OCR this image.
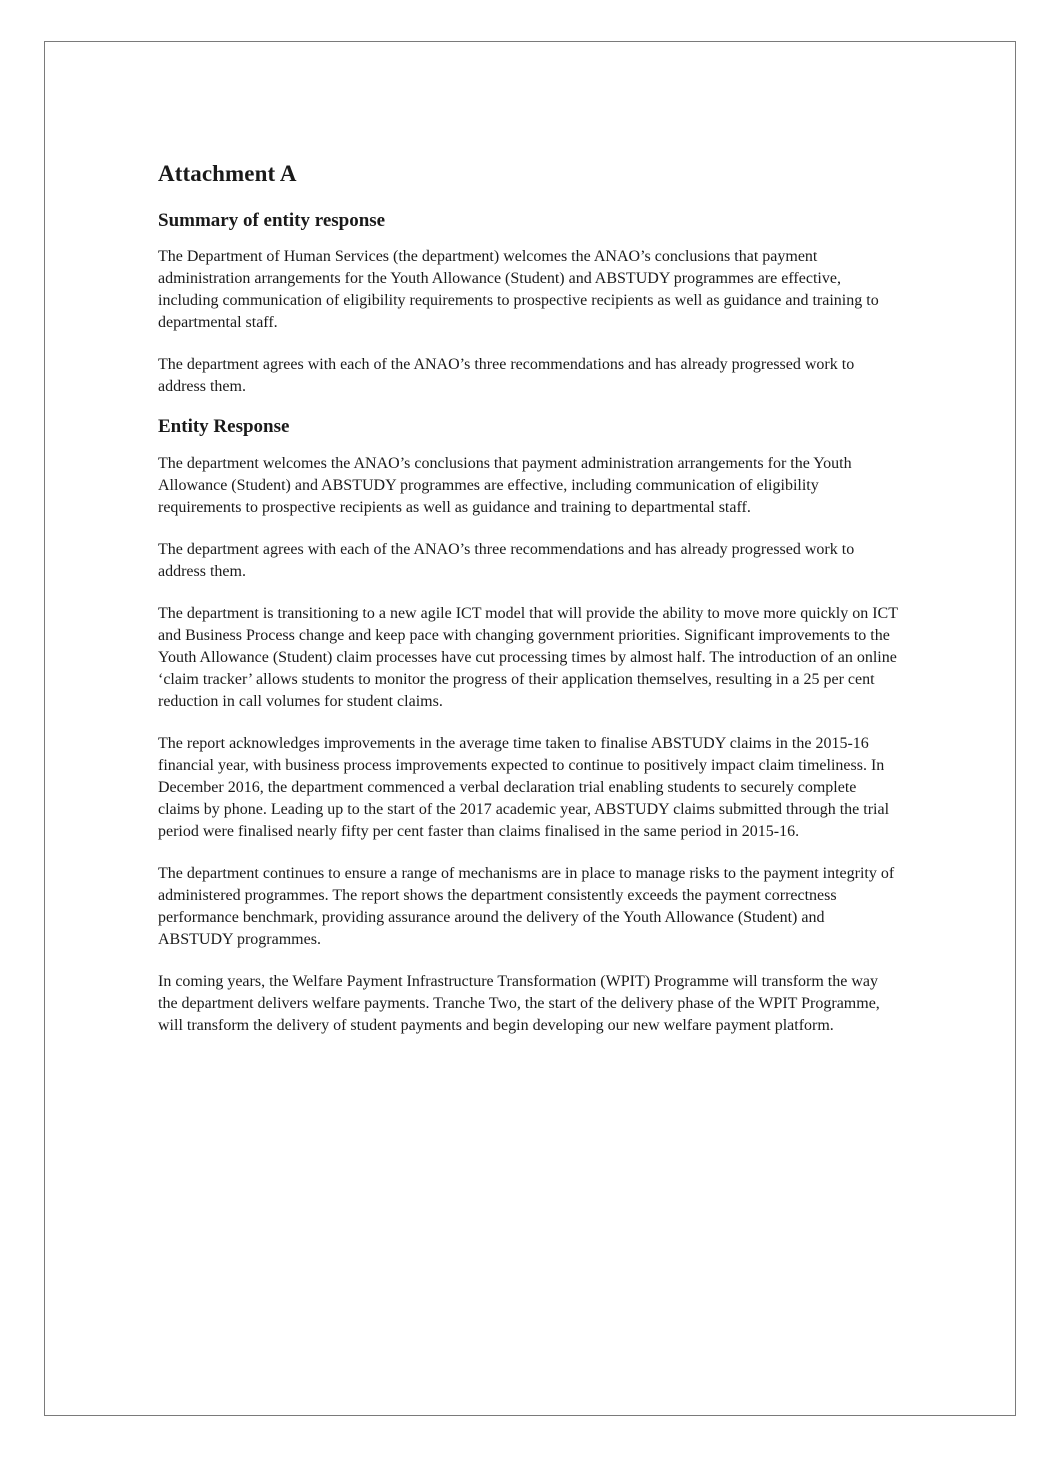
Attachment A
Summary of entity response

The Department of Human Services (the department) welcomes the ANAO’s conclusions that payment administration arrangements for the Youth Allowance (Student) and ABSTUDY programmes are effective, including communication of eligibility requirements to prospective recipients as well as guidance and training to departmental staff.

The department agrees with each of the ANAO’s three recommendations and has already progressed work to address them.

Entity Response

The department welcomes the ANAO’s conclusions that payment administration arrangements for the Youth Allowance (Student) and ABSTUDY programmes are effective, including communication of eligibility requirements to prospective recipients as well as guidance and training to departmental staff.

The department agrees with each of the ANAO’s three recommendations and has already progressed work to address them.

The department is transitioning to a new agile ICT model that will provide the ability to move more quickly on ICT and Business Process change and keep pace with changing government priorities. Significant improvements to the Youth Allowance (Student) claim processes have cut processing times by almost half. The introduction of an online ‘claim tracker’ allows students to monitor the progress of their application themselves, resulting in a 25 per cent reduction in call volumes for student claims.

The report acknowledges improvements in the average time taken to finalise ABSTUDY claims in the 2015-16 financial year, with business process improvements expected to continue to positively impact claim timeliness. In December 2016, the department commenced a verbal declaration trial enabling students to securely complete claims by phone. Leading up to the start of the 2017 academic year, ABSTUDY claims submitted through the trial period were finalised nearly fifty per cent faster than claims finalised in the same period in 2015-16.

The department continues to ensure a range of mechanisms are in place to manage risks to the payment integrity of administered programmes. The report shows the department consistently exceeds the payment correctness performance benchmark, providing assurance around the delivery of the Youth Allowance (Student) and ABSTUDY programmes.

In coming years, the Welfare Payment Infrastructure Transformation (WPIT) Programme will transform the way the department delivers welfare payments. Tranche Two, the start of the delivery phase of the WPIT Programme, will transform the delivery of student payments and begin developing our new welfare payment platform.
